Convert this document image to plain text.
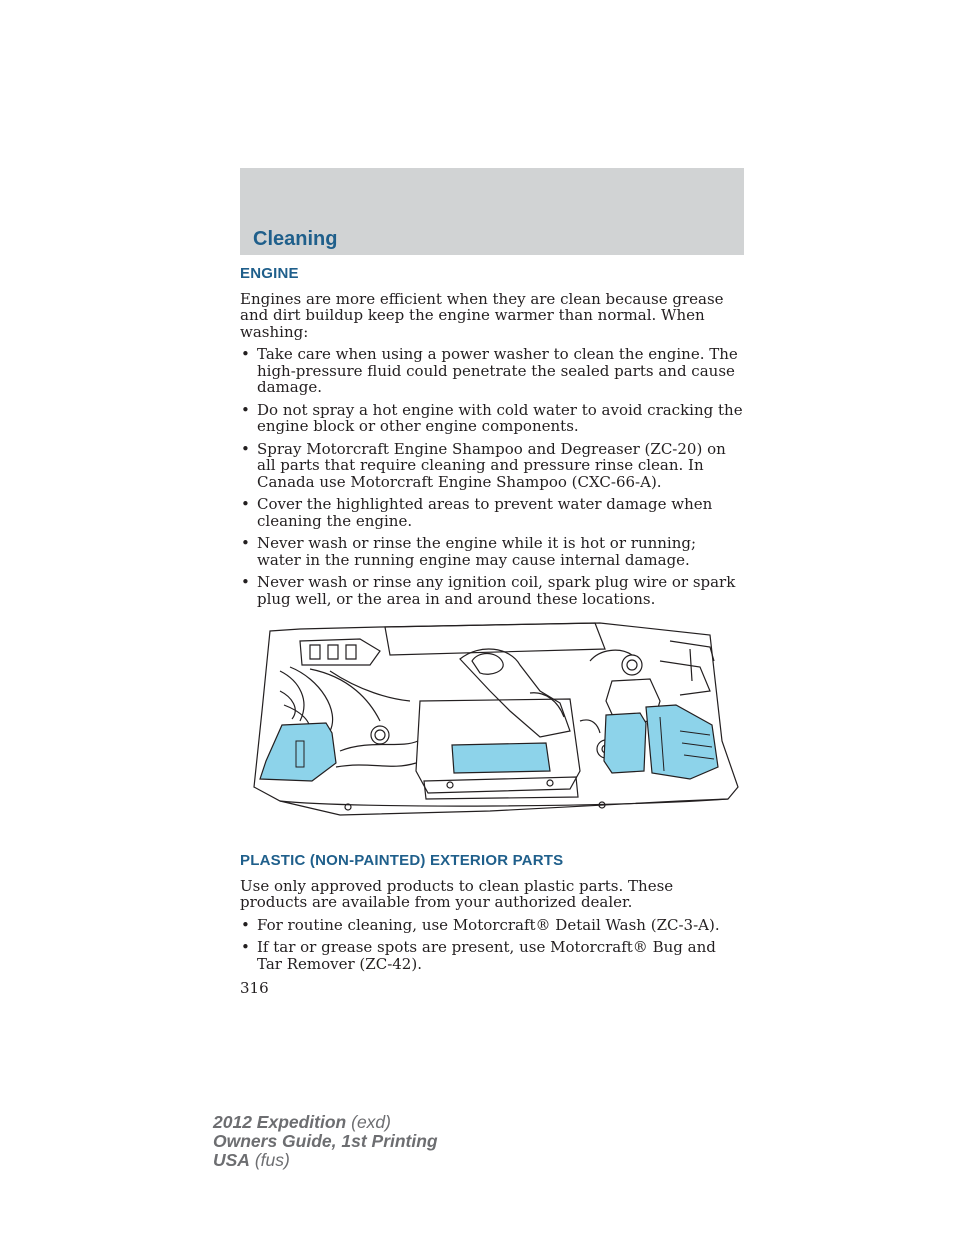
Cleaning
ENGINE

Engines are more efficient when they are clean because grease and dirt buildup keep the engine warmer than normal. When washing:

• Take care when using a power washer to clean the engine. The high-pressure fluid could penetrate the sealed parts and cause damage.
• Do not spray a hot engine with cold water to avoid cracking the engine block or other engine components.
• Spray Motorcraft Engine Shampoo and Degreaser (ZC-20) on all parts that require cleaning and pressure rinse clean. In Canada use Motorcraft Engine Shampoo (CXC-66-A).
• Cover the highlighted areas to prevent water damage when cleaning the engine.
• Never wash or rinse the engine while it is hot or running; water in the running engine may cause internal damage.
• Never wash or rinse any ignition coil, spark plug wire or spark plug well, or the area in and around these locations.
PLASTIC (NON-PAINTED) EXTERIOR PARTS

Use only approved products to clean plastic parts. These products are available from your authorized dealer.

• For routine cleaning, use Motorcraft® Detail Wash (ZC-3-A).
• If tar or grease spots are present, use Motorcraft® Bug and Tar Remover (ZC-42).
316
2012 Expedition (exd)
Owners Guide, 1st Printing
USA (fus)
